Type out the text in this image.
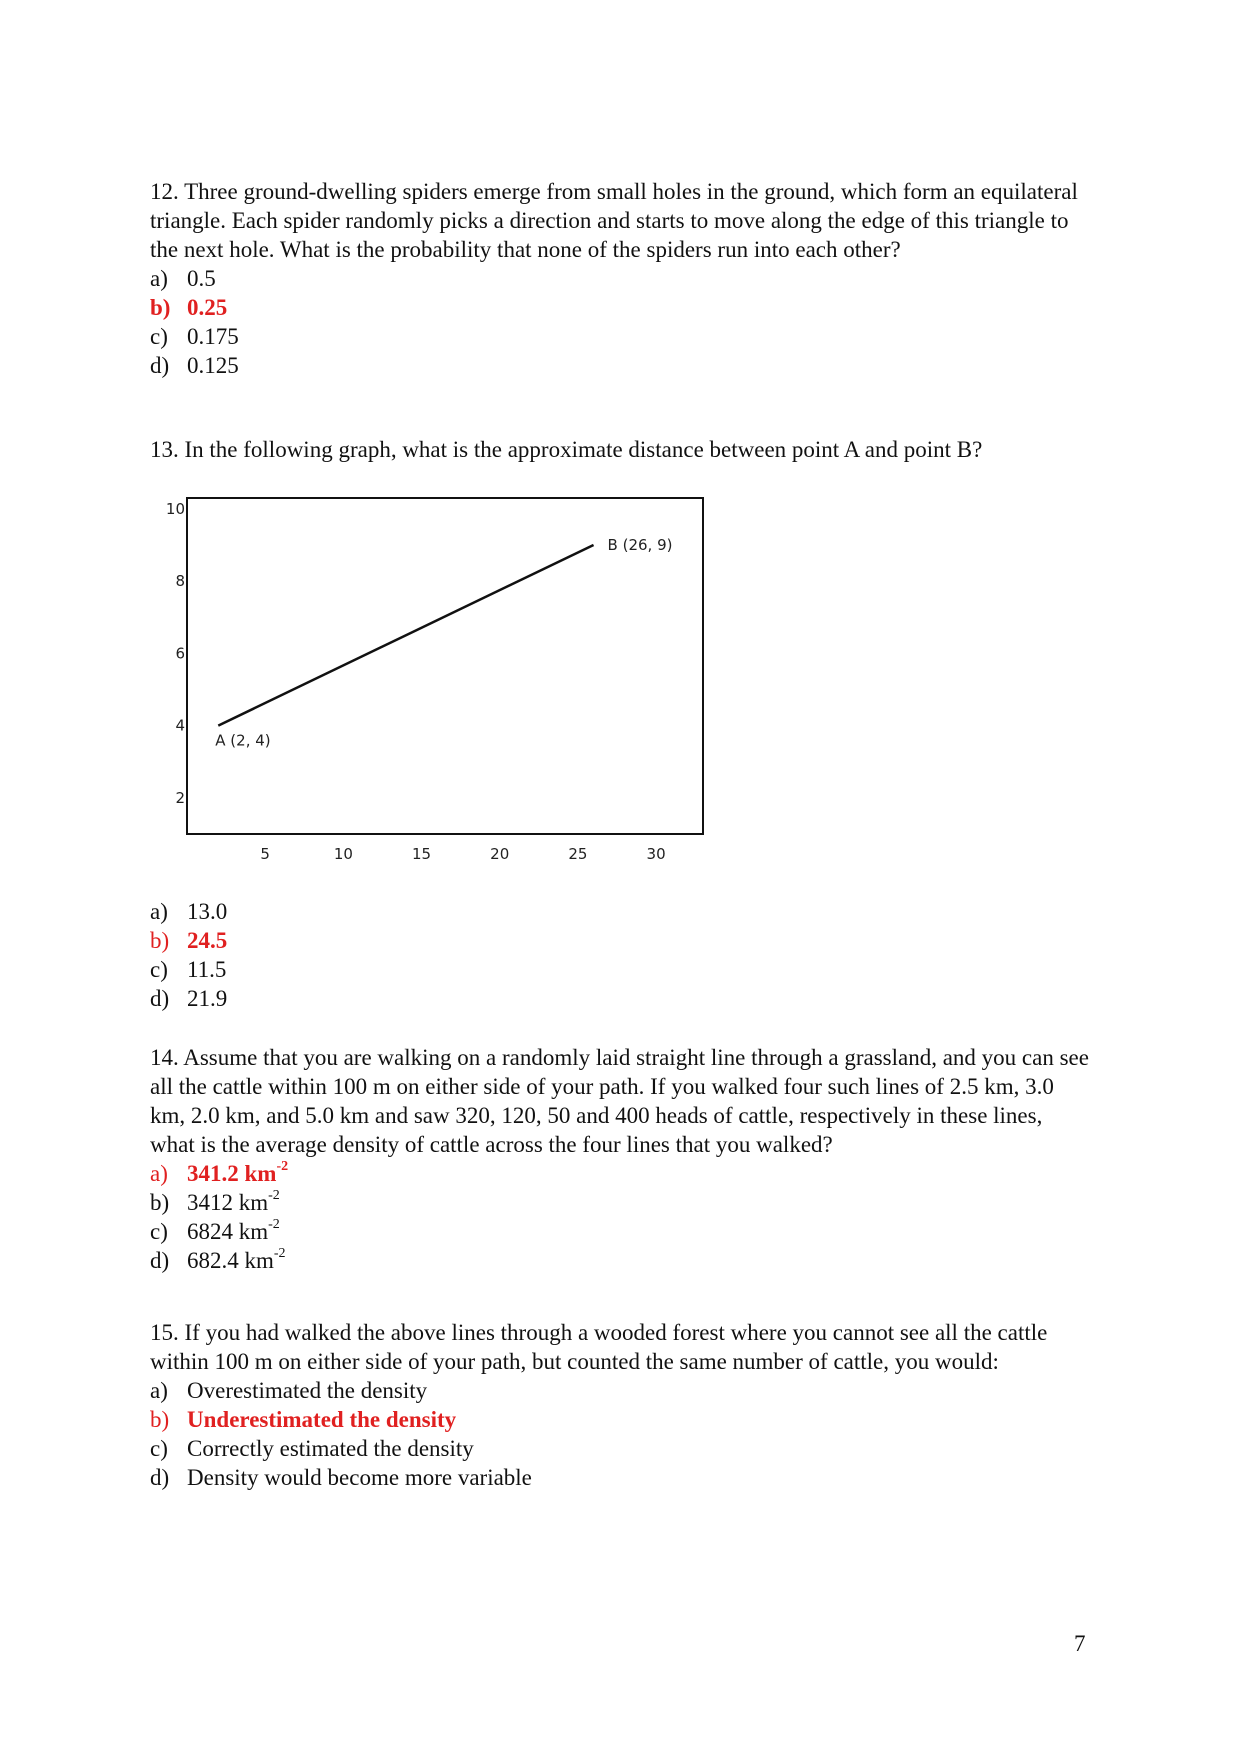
12. Three ground-dwelling spiders emerge from small holes in the ground, which form an equilateral triangle. Each spider randomly picks a direction and starts to move along the edge of this triangle to the next hole. What is the probability that none of the spiders run into each other?

a) 0.5
b) 0.25
c) 0.175
d) 0.125

13. In the following graph, what is the approximate distance between point A and point B?

2
4
6
8
10
5	10	15	20	25	30
A (2, 4)
B (26, 9)
a) 13.0
b) 24.5
c) 11.5
d) 21.9

14. Assume that you are walking on a randomly laid straight line through a grassland, and you can see all the cattle within 100 m on either side of your path. If you walked four such lines of 2.5 km, 3.0 km, 2.0 km, and 5.0 km and saw 320, 120, 50 and 400 heads of cattle, respectively in these lines, what is the average density of cattle across the four lines that you walked?

a) 341.2 $km^{-2}$
b) 3412 $km^{-2}$
c) 6824 $km^{-2}$
d) 682.4 $km^{-2}$

15. If you had walked the above lines through a wooded forest where you cannot see all the cattle within 100 m on either side of your path, but counted the same number of cattle, you would:

a) Overestimated the density
b) Underestimated the density
c) Correctly estimated the density
d) Density would become more variable
7
